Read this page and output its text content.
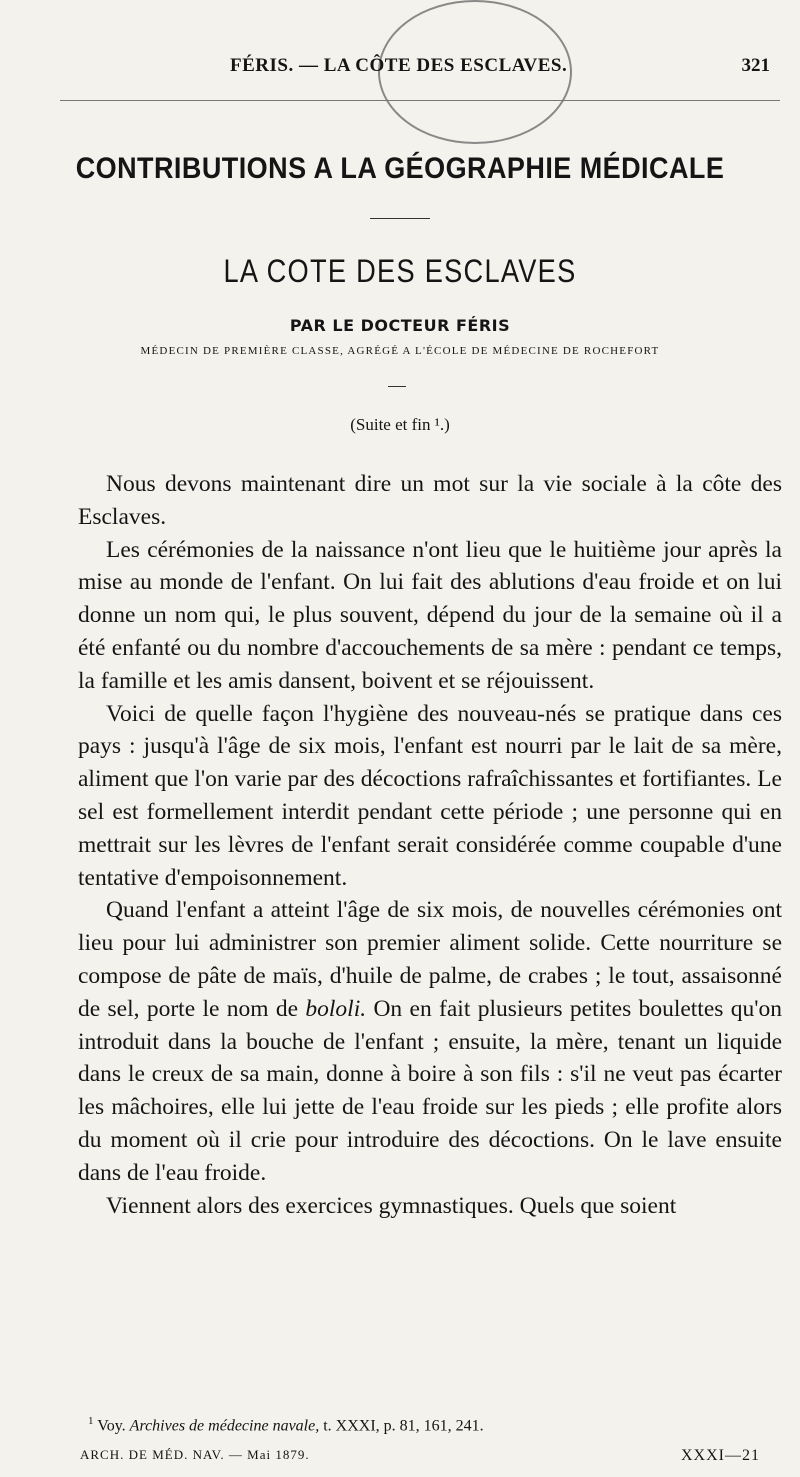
FÉRIS. — LA CÔTE DES ESCLAVES.	321
CONTRIBUTIONS A LA GÉOGRAPHIE MÉDICALE
LA COTE DES ESCLAVES
PAR LE DOCTEUR FÉRIS
MÉDECIN DE PREMIÈRE CLASSE, AGRÉGÉ A L'ÉCOLE DE MÉDECINE DE ROCHEFORT
(Suite et fin ¹.)

Nous devons maintenant dire un mot sur la vie sociale à la côte des Esclaves.

Les cérémonies de la naissance n'ont lieu que le huitième jour après la mise au monde de l'enfant. On lui fait des ablutions d'eau froide et on lui donne un nom qui, le plus souvent, dépend du jour de la semaine où il a été enfanté ou du nombre d'accouchements de sa mère : pendant ce temps, la famille et les amis dansent, boivent et se réjouissent.

Voici de quelle façon l'hygiène des nouveau-nés se pratique dans ces pays : jusqu'à l'âge de six mois, l'enfant est nourri par le lait de sa mère, aliment que l'on varie par des décoctions rafraîchissantes et fortifiantes. Le sel est formellement interdit pendant cette période ; une personne qui en mettrait sur les lèvres de l'enfant serait considérée comme coupable d'une tentative d'empoisonnement.

Quand l'enfant a atteint l'âge de six mois, de nouvelles cérémonies ont lieu pour lui administrer son premier aliment solide. Cette nourriture se compose de pâte de maïs, d'huile de palme, de crabes ; le tout, assaisonné de sel, porte le nom de bololi. On en fait plusieurs petites boulettes qu'on introduit dans la bouche de l'enfant ; ensuite, la mère, tenant un liquide dans le creux de sa main, donne à boire à son fils : s'il ne veut pas écarter les mâchoires, elle lui jette de l'eau froide sur les pieds ; elle profite alors du moment où il crie pour introduire des décoctions. On le lave ensuite dans de l'eau froide.

Viennent alors des exercices gymnastiques. Quels que soient

$^1$ Voy. Archives de médecine navale, t. XXXI, p. 81, 161, 241.
ARCH. DE MÉD. NAV. — Mai 1879.	XXXI—21
